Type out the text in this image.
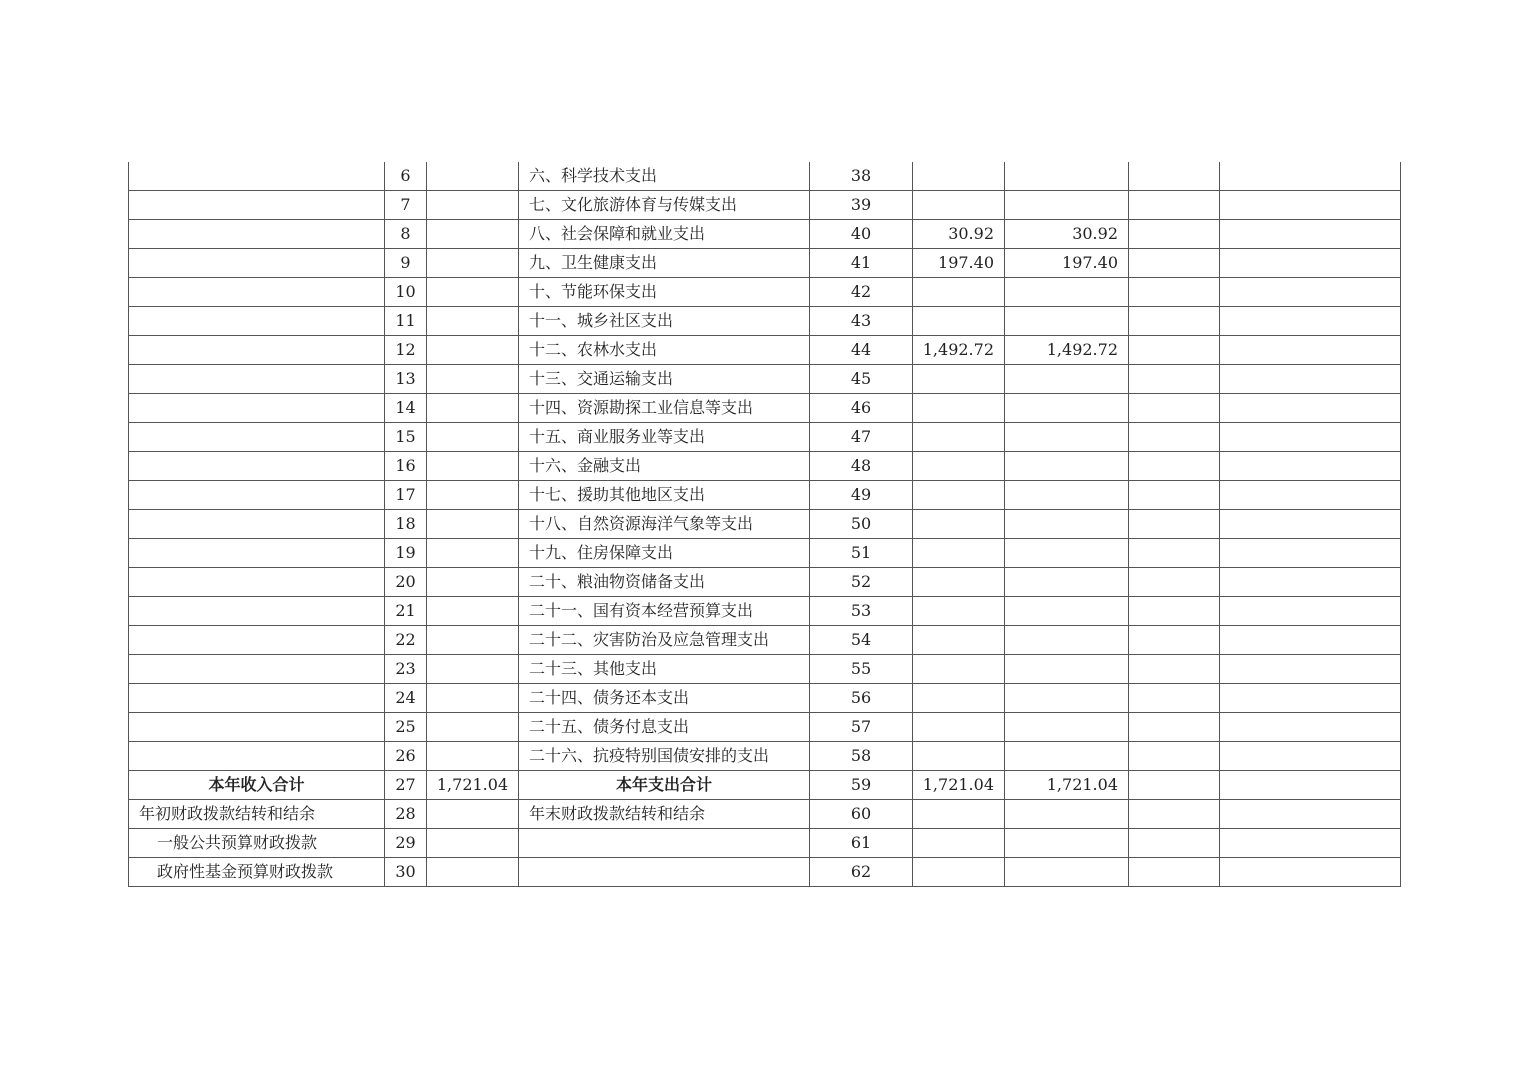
	6		六、科学技术支出	38				
	7		七、文化旅游体育与传媒支出	39				
	8		八、社会保障和就业支出	40	30.92	30.92		
	9		九、卫生健康支出	41	197.40	197.40		
	10		十、节能环保支出	42				
	11		十一、城乡社区支出	43				
	12		十二、农林水支出	44	1,492.72	1,492.72		
	13		十三、交通运输支出	45				
	14		十四、资源勘探工业信息等支出	46				
	15		十五、商业服务业等支出	47				
	16		十六、金融支出	48				
	17		十七、援助其他地区支出	49				
	18		十八、自然资源海洋气象等支出	50				
	19		十九、住房保障支出	51				
	20		二十、粮油物资储备支出	52				
	21		二十一、国有资本经营预算支出	53				
	22		二十二、灾害防治及应急管理支出	54				
	23		二十三、其他支出	55				
	24		二十四、债务还本支出	56				
	25		二十五、债务付息支出	57				
	26		二十六、抗疫特别国债安排的支出	58				
本年收入合计	27	1,721.04	本年支出合计	59	1,721.04	1,721.04		
年初财政拨款结转和结余	28		年末财政拨款结转和结余	60				
一般公共预算财政拨款	29			61				
政府性基金预算财政拨款	30			62				
